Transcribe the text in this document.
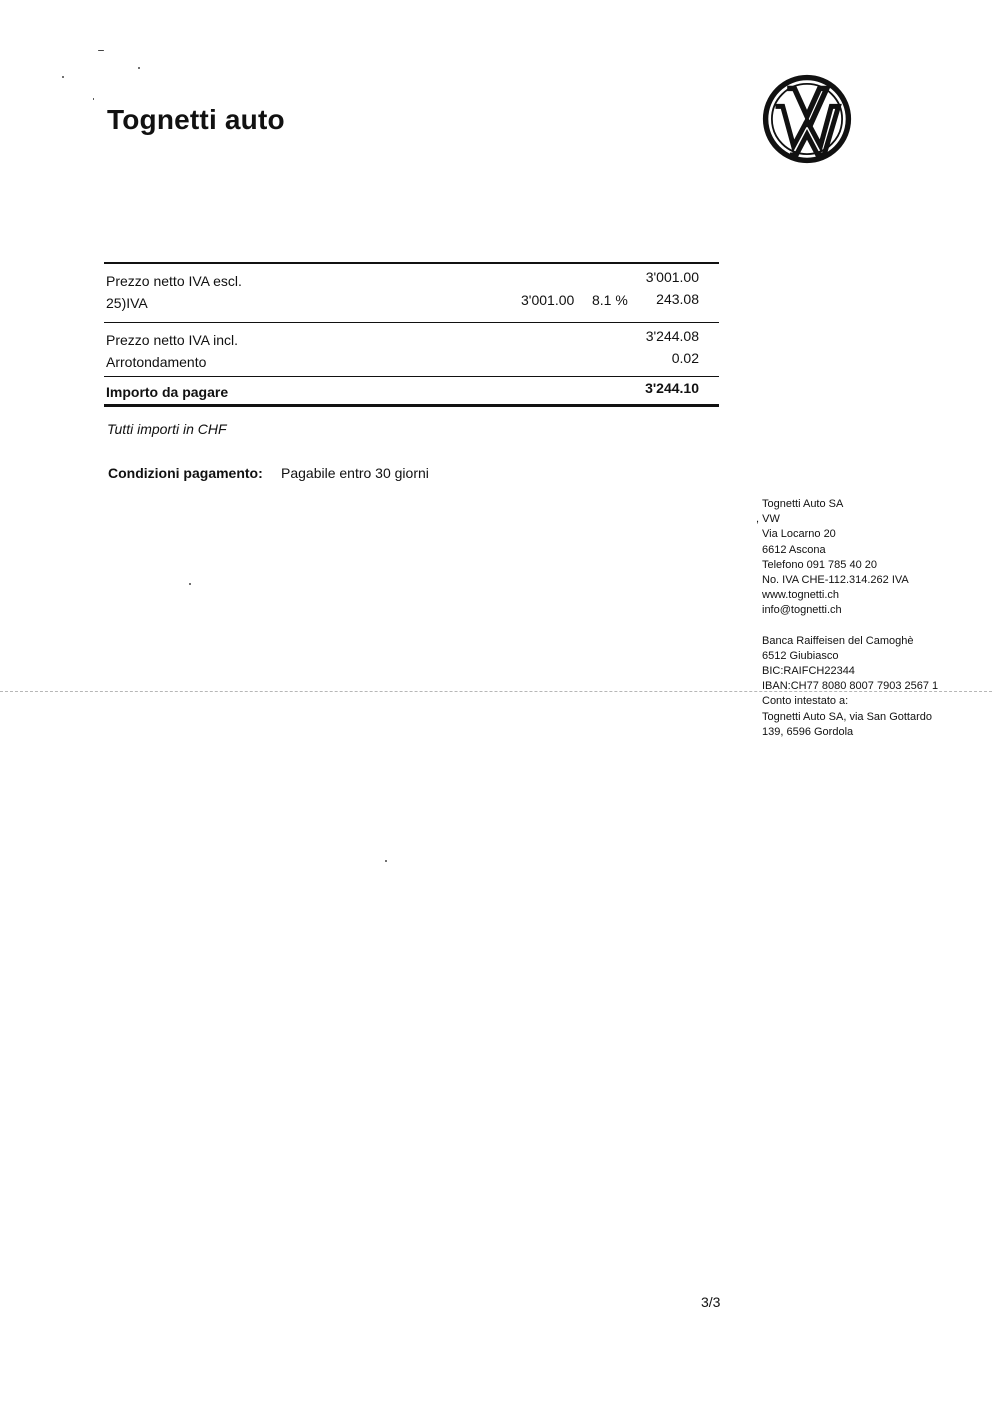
Tognetti auto
Prezzo netto IVA escl.	3'001.00
25)IVA	3'001.00 8.1 % 243.08
Prezzo netto IVA incl.	3'244.08
Arrotondamento	0.02
Importo da pagare	3'244.10
Tutti importi in CHF
Condizioni pagamento: Pagabile entro 30 giorni
Tognetti Auto SA
, VW
Via Locarno 20
6612 Ascona
Telefono 091 785 40 20
No. IVA CHE-112.314.262 IVA
www.tognetti.ch
info@tognetti.ch
Banca Raiffeisen del Camoghè
6512 Giubiasco
BIC:RAIFCH22344
IBAN:CH77 8080 8007 7903 2567 1
Conto intestato a:
Tognetti Auto SA, via San Gottardo
139, 6596 Gordola
3/3
